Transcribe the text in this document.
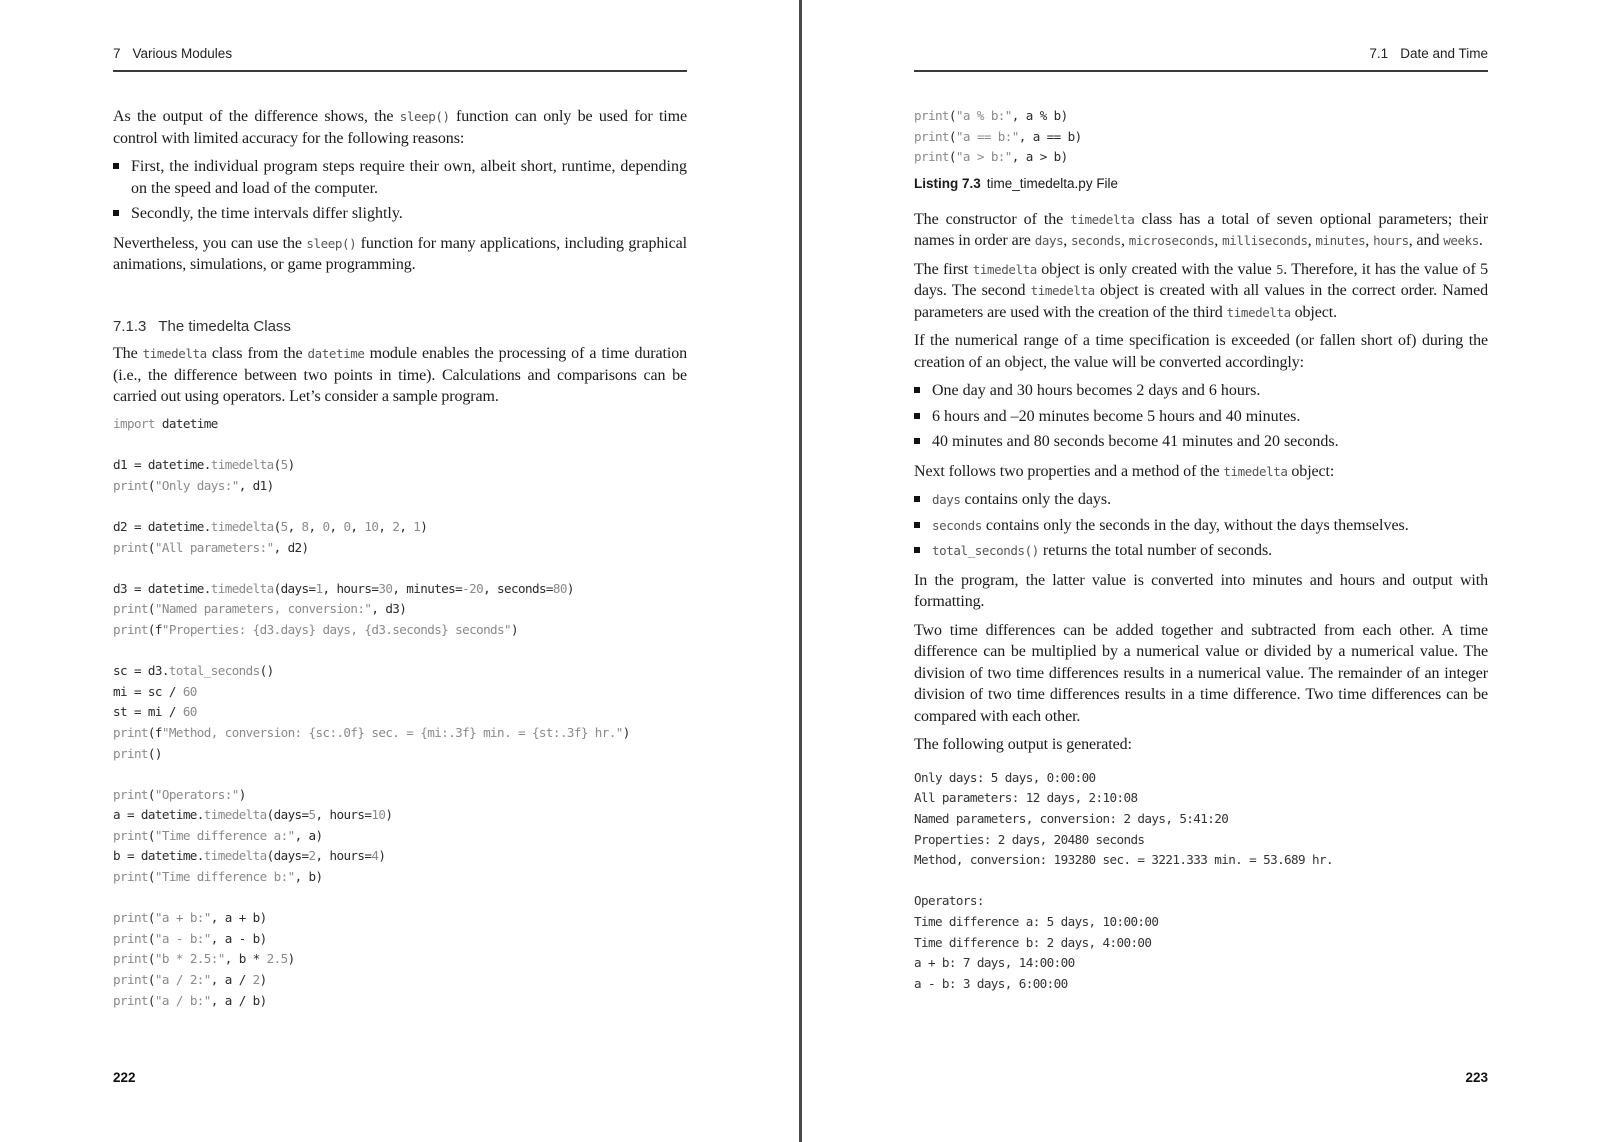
7 Various Modules

As the output of the difference shows, the sleep() function can only be used for time control with limited accuracy for the following reasons:

First, the individual program steps require their own, albeit short, runtime, depending on the speed and load of the computer.
Secondly, the time intervals differ slightly.

Nevertheless, you can use the sleep() function for many applications, including graphical animations, simulations, or game programming.

7.1.3 The timedelta Class

The timedelta class from the datetime module enables the processing of a time duration (i.e., the difference between two points in time). Calculations and comparisons can be carried out using operators. Let’s consider a sample program.

import datetime

d1 = datetime.timedelta(5)
print("Only days:", d1)

d2 = datetime.timedelta(5, 8, 0, 0, 10, 2, 1)
print("All parameters:", d2)

d3 = datetime.timedelta(days=1, hours=30, minutes=-20, seconds=80)
print("Named parameters, conversion:", d3)
print(f"Properties: {d3.days} days, {d3.seconds} seconds")

sc = d3.total_seconds()
mi = sc / 60
st = mi / 60
print(f"Method, conversion: {sc:.0f} sec. = {mi:.3f} min. = {st:.3f} hr.")
print()

print("Operators:")
a = datetime.timedelta(days=5, hours=10)
print("Time difference a:", a)
b = datetime.timedelta(days=2, hours=4)
print("Time difference b:", b)

print("a + b:", a + b)
print("a - b:", a - b)
print("b * 2.5:", b * 2.5)
print("a / 2:", a / 2)
print("a / b:", a / b)
222
7.1 Date and Time
print("a % b:", a % b)
print("a == b:", a == b)
print("a > b:", a > b)
Listing 7.3 time_timedelta.py File

The constructor of the timedelta class has a total of seven optional parameters; their names in order are days, seconds, microseconds, milliseconds, minutes, hours, and weeks.

The first timedelta object is only created with the value 5. Therefore, it has the value of 5 days. The second timedelta object is created with all values in the correct order. Named parameters are used with the creation of the third timedelta object.

If the numerical range of a time specification is exceeded (or fallen short of) during the creation of an object, the value will be converted accordingly:

One day and 30 hours becomes 2 days and 6 hours.
6 hours and –20 minutes become 5 hours and 40 minutes.
40 minutes and 80 seconds become 41 minutes and 20 seconds.

Next follows two properties and a method of the timedelta object:

days contains only the days.
seconds contains only the seconds in the day, without the days themselves.
total_seconds() returns the total number of seconds.

In the program, the latter value is converted into minutes and hours and output with formatting.

Two time differences can be added together and subtracted from each other. A time difference can be multiplied by a numerical value or divided by a numerical value. The division of two time differences results in a numerical value. The remainder of an integer division of two time differences results in a time difference. Two time differences can be compared with each other.

The following output is generated:

Only days: 5 days, 0:00:00
All parameters: 12 days, 2:10:08
Named parameters, conversion: 2 days, 5:41:20
Properties: 2 days, 20480 seconds
Method, conversion: 193280 sec. = 3221.333 min. = 53.689 hr.

Operators:
Time difference a: 5 days, 10:00:00
Time difference b: 2 days, 4:00:00
a + b: 7 days, 14:00:00
a - b: 3 days, 6:00:00
223
